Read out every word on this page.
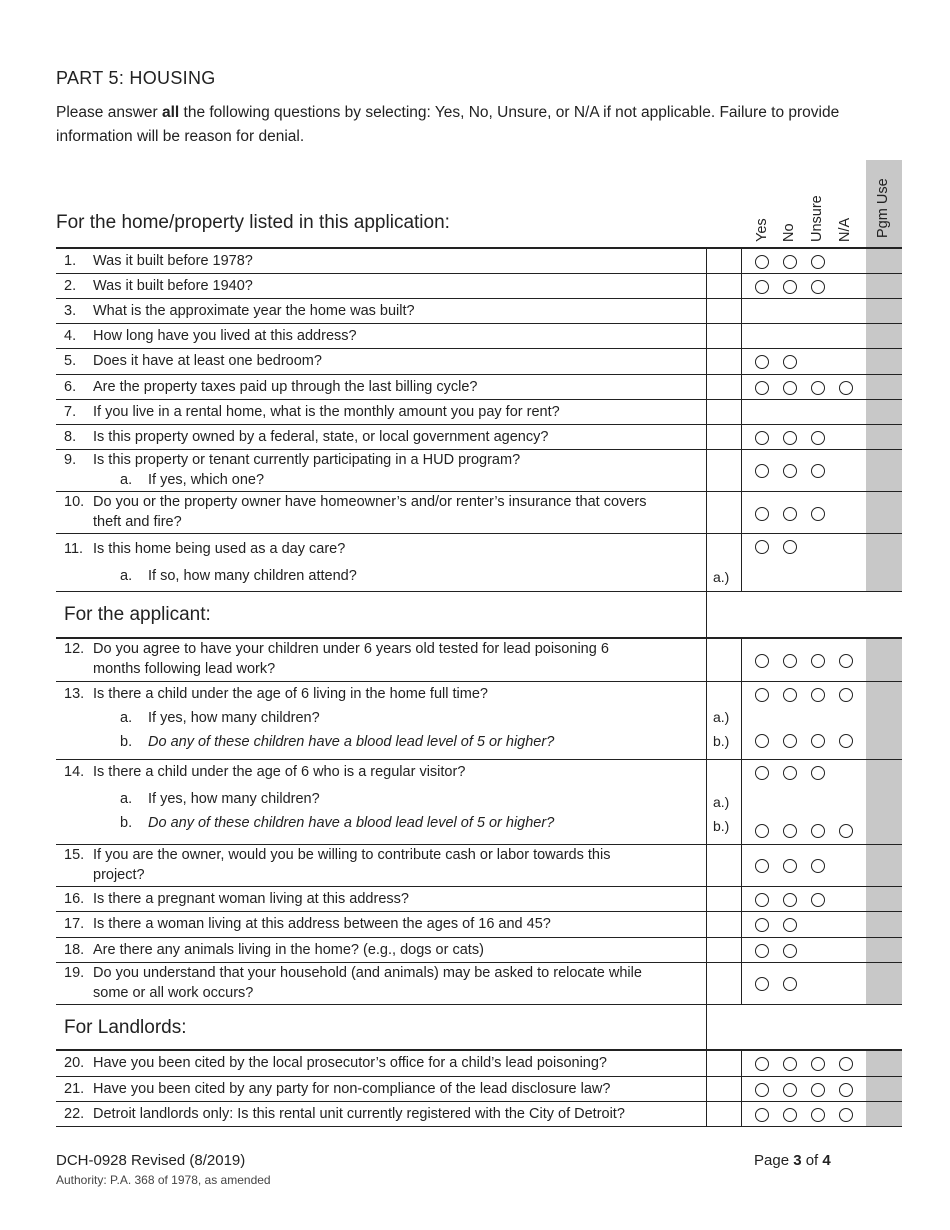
PART 5: HOUSING
Please answer all the following questions by selecting: Yes, No, Unsure, or N/A if not applicable. Failure to provide information will be reason for denial.
For the home/property listed in this application:	Yes No Unsure N/A Pgm Use
1. Was it built before 1978?
2. Was it built before 1940?
3. What is the approximate year the home was built?
4. How long have you lived at this address?
5. Does it have at least one bedroom?
6. Are the property taxes paid up through the last billing cycle?
7. If you live in a rental home, what is the monthly amount you pay for rent?
8. Is this property owned by a federal, state, or local government agency?
9. Is this property or tenant currently participating in a HUD program?
a. If yes, which one?
10. Do you or the property owner have homeowner’s and/or renter’s insurance that covers
theft and fire?
11. Is this home being used as a day care?
a. If so, how many children attend?	a.)
For the applicant:
12. Do you agree to have your children under 6 years old tested for lead poisoning 6
months following lead work?
13. Is there a child under the age of 6 living in the home full time?
a. If yes, how many children?
b. Do any of these children have a blood lead level of 5 or higher?
a.)
b.)
14. Is there a child under the age of 6 who is a regular visitor?
a. If yes, how many children?
b. Do any of these children have a blood lead level of 5 or higher?
a.)
b.)
15. If you are the owner, would you be willing to contribute cash or labor towards this
project?
16. Is there a pregnant woman living at this address?
17. Is there a woman living at this address between the ages of 16 and 45?
18. Are there any animals living in the home? (e.g., dogs or cats)
19. Do you understand that your household (and animals) may be asked to relocate while
some or all work occurs?
For Landlords:
20. Have you been cited by the local prosecutor’s office for a child’s lead poisoning?
21. Have you been cited by any party for non-compliance of the lead disclosure law?
22. Detroit landlords only: Is this rental unit currently registered with the City of Detroit?
DCH-0928 Revised (8/2019)
Authority: P.A. 368 of 1978, as amended
Page 3 of 4
